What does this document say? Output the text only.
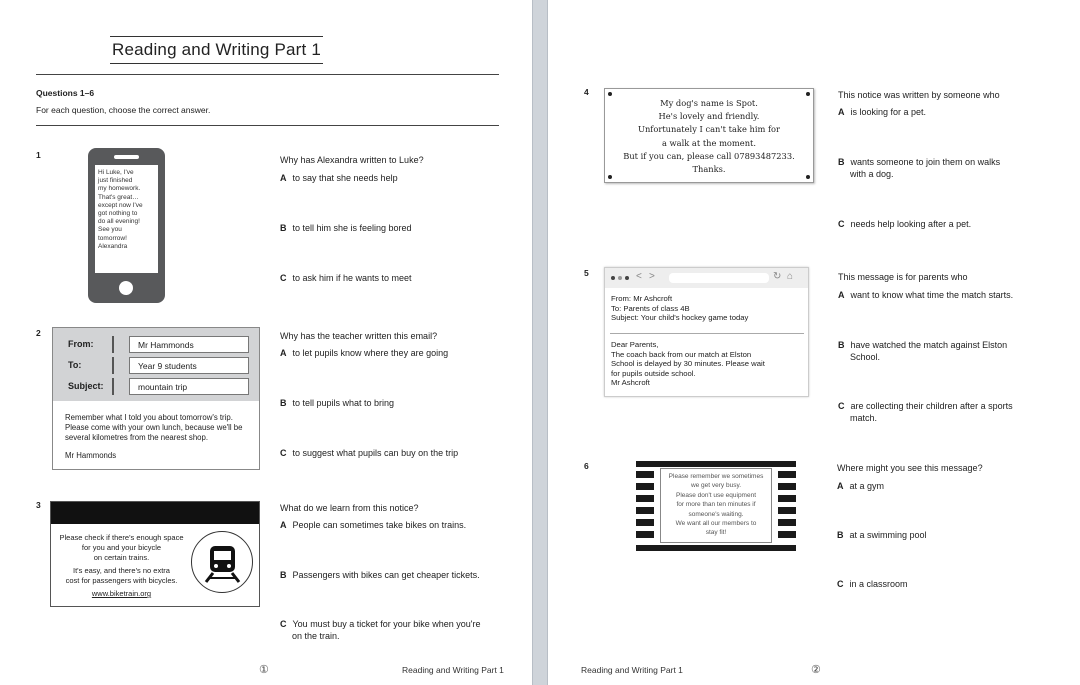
Reading and Writing Part 1
Questions 1–6
For each question, choose the correct answer.
1
Hi Luke, I've
just finished
my homework.
That's great…
except now I've
got nothing to
do all evening!
See you
tomorrow!
Alexandra
Why has Alexandra written to Luke?
A to say that she needs help
B to tell him she is feeling bored
C to ask him if he wants to meet
2
From:	Mr Hammonds
To:	Year 9 students
Subject:	mountain trip
Remember what I told you about tomorrow's trip. Please come with your own lunch, because we'll be several kilometres from the nearest shop.
Mr Hammonds
Why has the teacher written this email?
A to let pupils know where they are going
B to tell pupils what to bring
C to suggest what pupils can buy on the trip
3
Please check if there's enough space
for you and your bicycle
on certain trains.
It's easy, and there's no extra
cost for passengers with bicycles.
www.biketrain.org
What do we learn from this notice?
A People can sometimes take bikes on trains.
B Passengers with bikes can get cheaper tickets.
C You must buy a ticket for your bike when you're
on the train.
①	Reading and Writing Part 1
4
My dog's name is Spot.
He's lovely and friendly.
Unfortunately I can't take him for
a walk at the moment.
But if you can, please call 07893487233.
Thanks.
This notice was written by someone who
A is looking for a pet.
B wants someone to join them on walks
with a dog.
C needs help looking after a pet.
5	< >	↻ ⌂
From: Mr Ashcroft
To: Parents of class 4B
Subject: Your child's hockey game today
Dear Parents,
The coach back from our match at Elston
School is delayed by 30 minutes. Please wait
for pupils outside school.
Mr Ashcroft
This message is for parents who
A want to know what time the match starts.
B have watched the match against Elston
School.
C are collecting their children after a sports
match.
6
Please remember we sometimes
we get very busy.
Please don't use equipment
for more than ten minutes if
someone's waiting.
We want all our members to
stay fit!
Where might you see this message?
A at a gym
B at a swimming pool
C in a classroom
Reading and Writing Part 1	②
